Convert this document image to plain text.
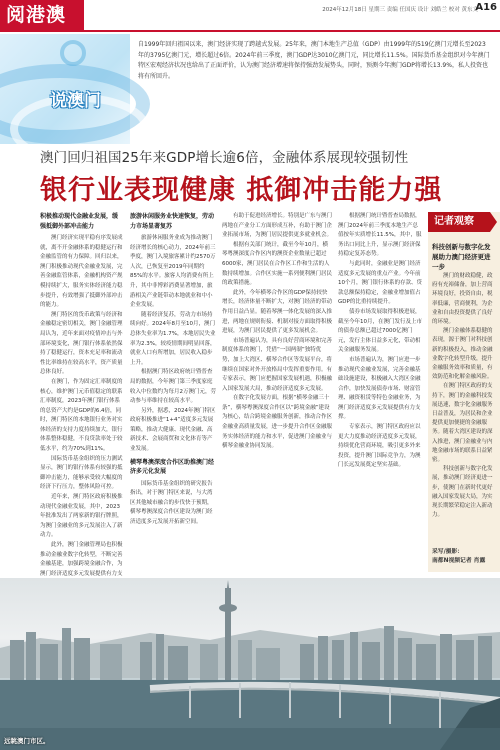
阅港澳	2024年12月18日 星期三 责编 任国庆 设计 刘皓兰 校对 黄东文
A16
说澳门
自1999年回归祖国以来，澳门经济实现了跨越式发展。25年来，澳门本地生产总值（GDP）由1999年的519亿澳门元增长至2023年的3795亿澳门元，增长超过6倍。2024年前三季度，澳门GDP达3010亿澳门元，同比增长11.5%。国际货币基金组织对今年澳门特区宏观经济状况也给出了正面评价，认为澳门经济增速将保持强劲发展势头，同时，预测今年澳门GDP将增长13.9%，私人投资也将有所回升。
澳门回归祖国25年来GDP增长逾6倍，金融体系展现较强韧性
银行业表现健康 抵御冲击能力强

积极推动现代金融业发展，缓强抵御外部冲击能力

澳门经济实现平稳有序发展成就，离不开金融体系的稳健运行和金融监管的有力保障。回归以来，澳门积极推动现代金融业发展，完善金融监管体系，金融机构资产规模持续扩大，服务实体经济能力稳步提升，有效增强了抵御外部冲击的能力。

澳门特区的货币政策与经济和金融稳定密切相关，澳门金融管理局认为，近年来面对疫情冲击与外部环境变化，澳门银行体系依然保持了稳健运行，资本充足率和流动性比率维持在较高水平，资产质量总体良好。

在澳门，作为固定汇率制度的核心，维护澳门元币值稳定的联系汇率制度，2023年澳门银行体系的总资产大约是GDP的6.4倍，同时，澳门特区的本地银行业务对实体经济的支持力度持续加大，银行体系整体稳健，不良贷款率处于较低水平，约为70%到11%。

国际货币基金组织的压力测试显示，澳门的银行体系有较强的抵御冲击能力，能够承受较大幅度的经济下行压力，整体风险可控。

近年来，澳门特区政府积极推动现代金融业发展，其中，2023年批准发出了两家新的银行牌照，为澳门金融业的多元发展注入了新动力。

此外，澳门金融管理局也积极推动金融业数字化转型，不断完善金融基建，加强跨境金融合作，为澳门经济适度多元发展提供有力支

旅游休闲服务业快速恢复，劳动力市场显著复苏

旅游休闲服务业成为推动澳门经济增长的核心动力，2024年前三季度，澳门入境旅客累计约2570万人次，已恢复至2019年同期约85%的水平。旅客人均消费有所上升，其中非博彩消费显著增加，旅游相关产业链带动本地就业和中小企业发展。

随着经济复苏，劳动力市场持续向好。2024年8月至10月，澳门总体失业率为1.7%，本地居民失业率为2.3%，较疫情期间明显回落，就业人口有所增加，居民收入稳步上升。

根据澳门特区政府统计暨普查局的数据，今年澳门第三季度家庭收入中位数约为每月2万澳门元，劳动参与率维持在较高水平。

另外，据悉，2024年澳门特区政府积极推进“1+4”适度多元发展策略，推动大健康、现代金融、高新技术、会展商贸和文化体育等产业发展。

横琴粤澳深度合作区助推澳门经济多元化发展

国际货币基金组织的研究报告指出，对于澳门特区来说，与大湾区其他城市融合的步伐快于预期，横琴粤澳深度合作区建设为澳门经济适度多元发展开拓新空间。

有助于促进经济增长。特别是广东与澳门两地在产业分工方面形成互补，有助于澳门企业拓展市场，为澳门居民提供更多就业机会。

根据有关部门统计，截至今年10月，横琴粤澳深度合作区内的澳资企业数量已超过6000家，澳门居民在合作区工作和生活的人数持续增加。合作区实施一系列便利澳门居民的政策措施。

此外，今年横琴合作区的GDP保持较快增长，经济体量不断扩大，对澳门经济的带动作用日益凸显。随着琴澳一体化发展的深入推进，两地在规则衔接、机制对接方面取得积极进展，为澳门居民提供了更多发展机会。

市场普遍认为，具有良好营商环境和完善制度体系的澳门，凭借“一国两制”独特优势，加上大湾区、横琴合作区等发展平台，将继续在国家对外开放格局中发挥重要作用。有专家表示，澳门应把握国家发展机遇，积极融入国家发展大局，推动经济适度多元发展。

在数字化发展方面，根据“横琴金融三十条”，横琴粤澳深度合作区以“跨境金融”建设为核心，结合跨境金融服务创新，推动合作区金融业高质量发展，进一步提升合作区金融服务实体经济的能力和水平，促进澳门金融业与横琴金融业协同发展。

根据澳门统计暨普查局数据，澳门2024年前三季度本地生产总值按年实质增长11.5%，其中，服务出口同比上升，显示澳门经济保持稳定复苏态势。

与此同时，金融业是澳门经济适度多元发展的重点产业。今年前10个月，澳门银行体系的存款、贷款总额保持稳定，金融业增加值占GDP的比重持续提升。

债券市场发展取得积极进展，截至今年10月，在澳门发行及上市的债券总额已超过7000亿澳门元，发行主体日益多元化，带动相关金融服务发展。

市场普遍认为，澳门应进一步推动现代金融业发展，完善金融基础设施建设，积极融入大湾区金融合作，加快发展债券市场、财富管理、融资租赁等特色金融业务，为澳门经济适度多元发展提供有力支撑。

专家表示，澳门特区政府应以更大力度推动经济适度多元发展，持续优化营商环境，吸引更多外来投资，提升澳门国际竞争力，为澳门长远发展奠定坚实基础。

记者观察
科技创新与数字化发展助力澳门经济更进一步

澳门的财政稳健，政府有充裕储备，加上营商环境良好，投资自由，税率低廉，营商便利，为企业和自由投资提供了良好的环境。

澳门金融体系稳健的表现，源于澳门对科技创新的积极投入，推动金融业数字化转型升级，提升金融服务效率和质量，有效防范和化解金融风险。

在澳门特区政府的支持下，澳门的金融科技发展迅速，数字化金融服务日益普及，为居民和企业提供更加便捷的金融服务。随着大湾区建设的深入推进，澳门金融业与内地金融市场的联系日益紧密。

科技创新与数字化发展，推动澳门经济更进一步，使澳门在新时代更好融入国家发展大局，为实现长期繁荣稳定注入新动力。

采写/摄影：
南都N视频记者 肖露
远眺澳门市区。
